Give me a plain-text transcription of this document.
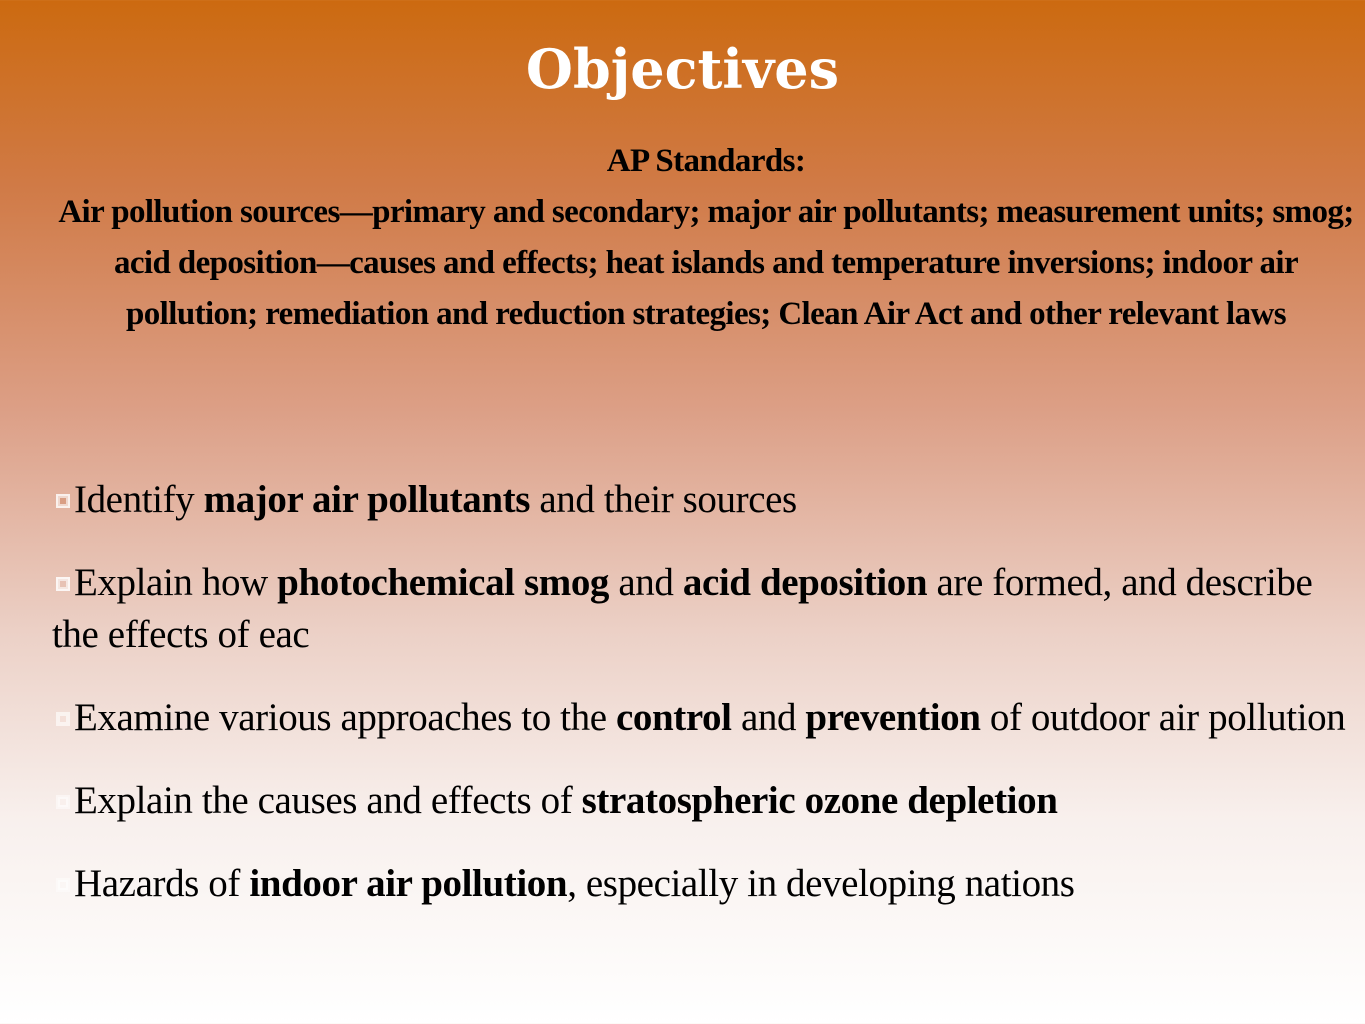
Objectives
AP Standards:
Air pollution sources—primary and secondary; major air pollutants; measurement units; smog; acid deposition—causes and effects; heat islands and temperature inversions; indoor air pollution; remediation and reduction strategies; Clean Air Act and other relevant laws
Identify major air pollutants and their sources
Explain how photochemical smog and acid deposition are formed, and describe the effects of eac
Examine various approaches to the control and prevention of outdoor air pollution
Explain the causes and effects of stratospheric ozone depletion
Hazards of indoor air pollution, especially in developing nations
